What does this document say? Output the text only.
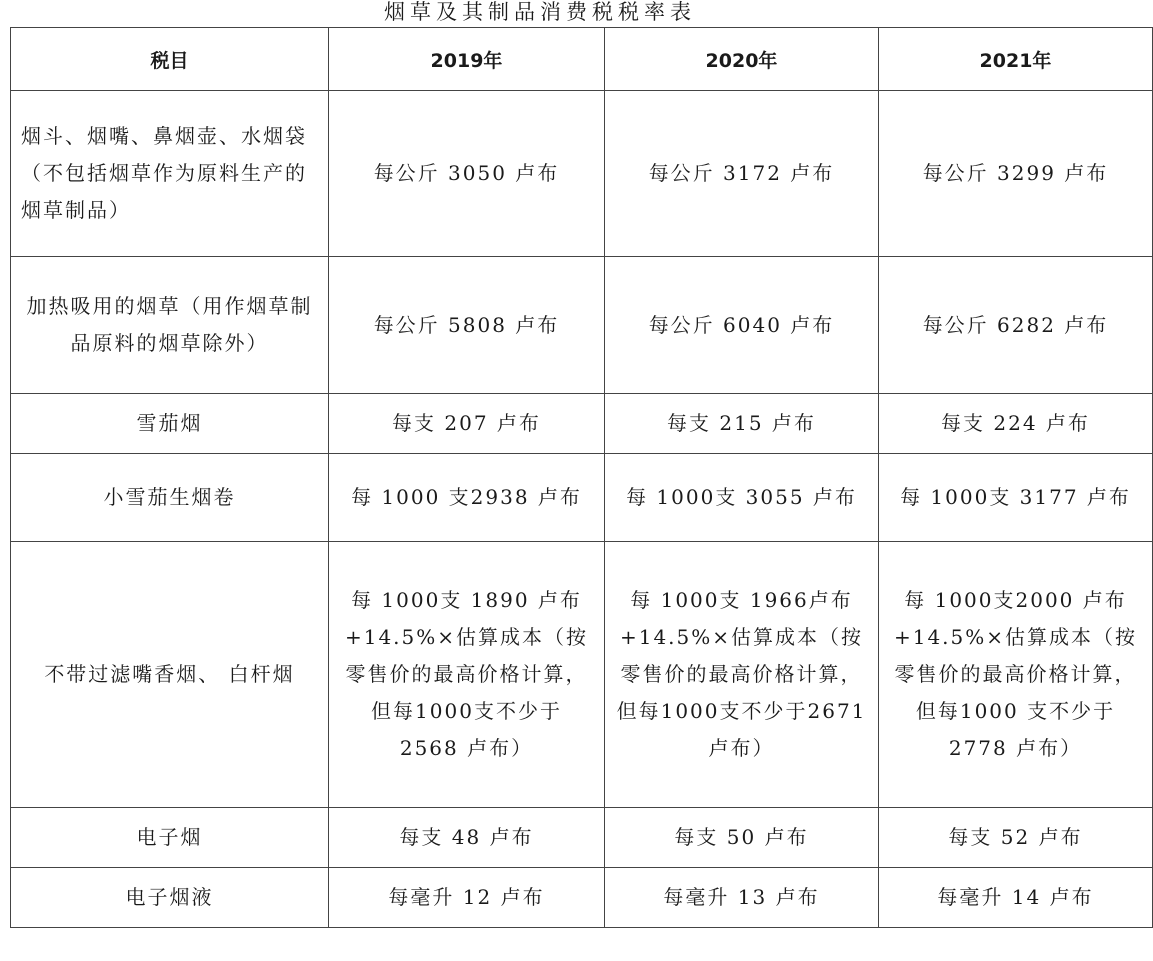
烟草及其制品消费税税率表
税目	2019年	2020年	2021年
烟斗、烟嘴、鼻烟壶、水烟袋 （不包括烟草作为原料生产的烟草制品）	每公斤 3050 卢布	每公斤 3172 卢布	每公斤 3299 卢布
加热吸用的烟草（用作烟草制品原料的烟草除外）	每公斤 5808 卢布	每公斤 6040 卢布	每公斤 6282 卢布
雪茄烟	每支 207 卢布	每支 215 卢布	每支 224 卢布
小雪茄生烟卷	每 1000 支2938 卢布	每 1000支 3055 卢布	每 1000支 3177 卢布
不带过滤嘴香烟、 白杆烟	每 1000支 1890 卢布+14.5%×估算成本（按零售价的最高价格计算，但每1000支不少于 2568 卢布）	每 1000支 1966卢布+14.5%×估算成本（按零售价的最高价格计算，但每1000支不少于2671 卢布）	每 1000支2000 卢布+14.5%×估算成本（按零售价的最高价格计算，但每1000 支不少于2778 卢布）
电子烟	每支 48 卢布	每支 50 卢布	每支 52 卢布
电子烟液	每毫升 12 卢布	每毫升 13 卢布	每毫升 14 卢布
